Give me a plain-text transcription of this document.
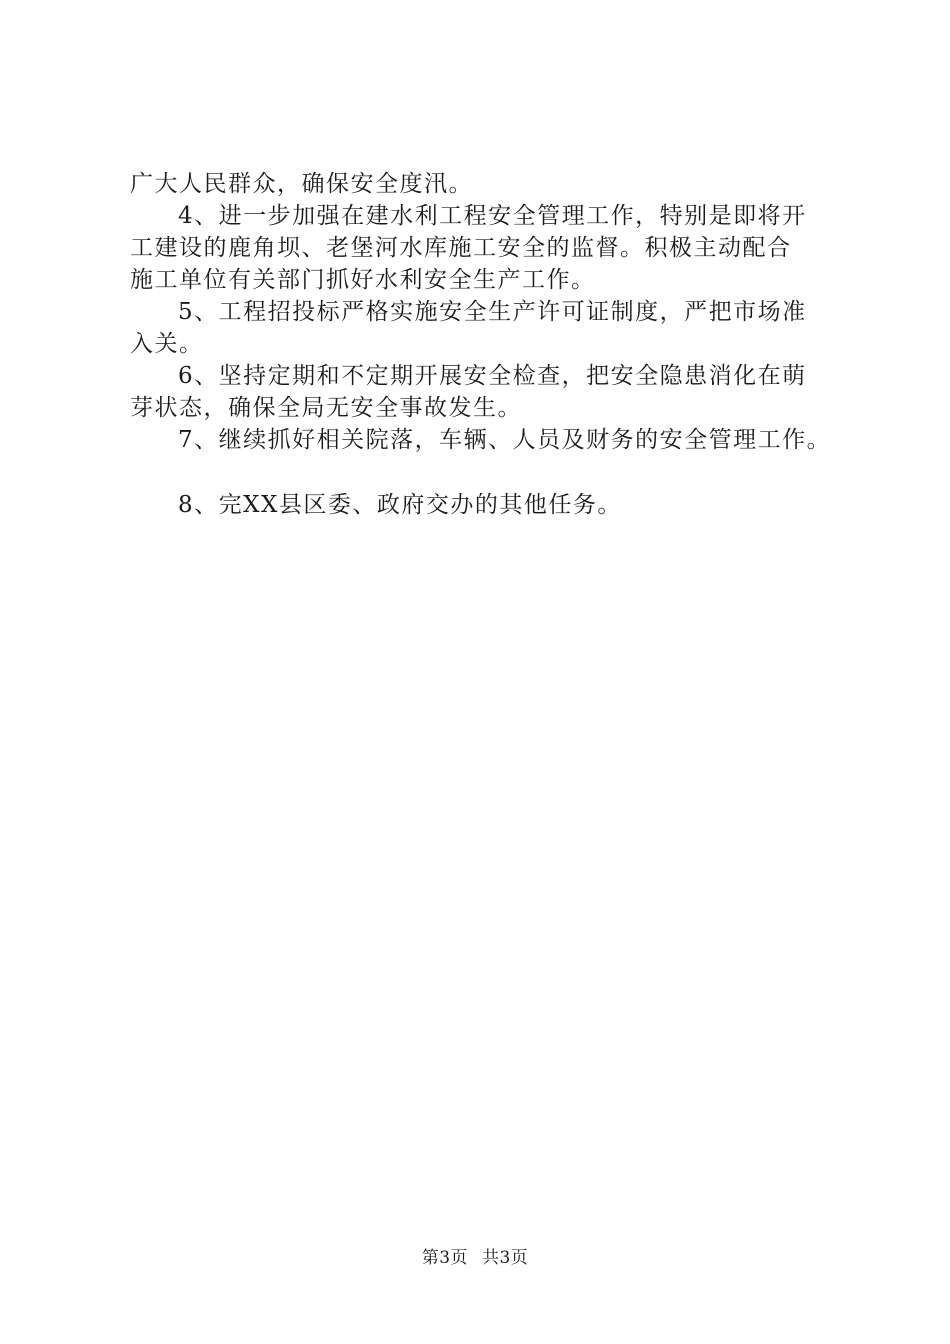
广大人民群众，确保安全度汛。

4、进一步加强在建水利工程安全管理工作，特别是即将开

工建设的鹿角坝、老堡河水库施工安全的监督。积极主动配合

施工单位有关部门抓好水利安全生产工作。

5、工程招投标严格实施安全生产许可证制度，严把市场准

入关。

6、坚持定期和不定期开展安全检查，把安全隐患消化在萌

芽状态，确保全局无安全事故发生。

7、继续抓好相关院落，车辆、人员及财务的安全管理工作。

8、完XX县区委、政府交办的其他任务。

第3页 共3页
